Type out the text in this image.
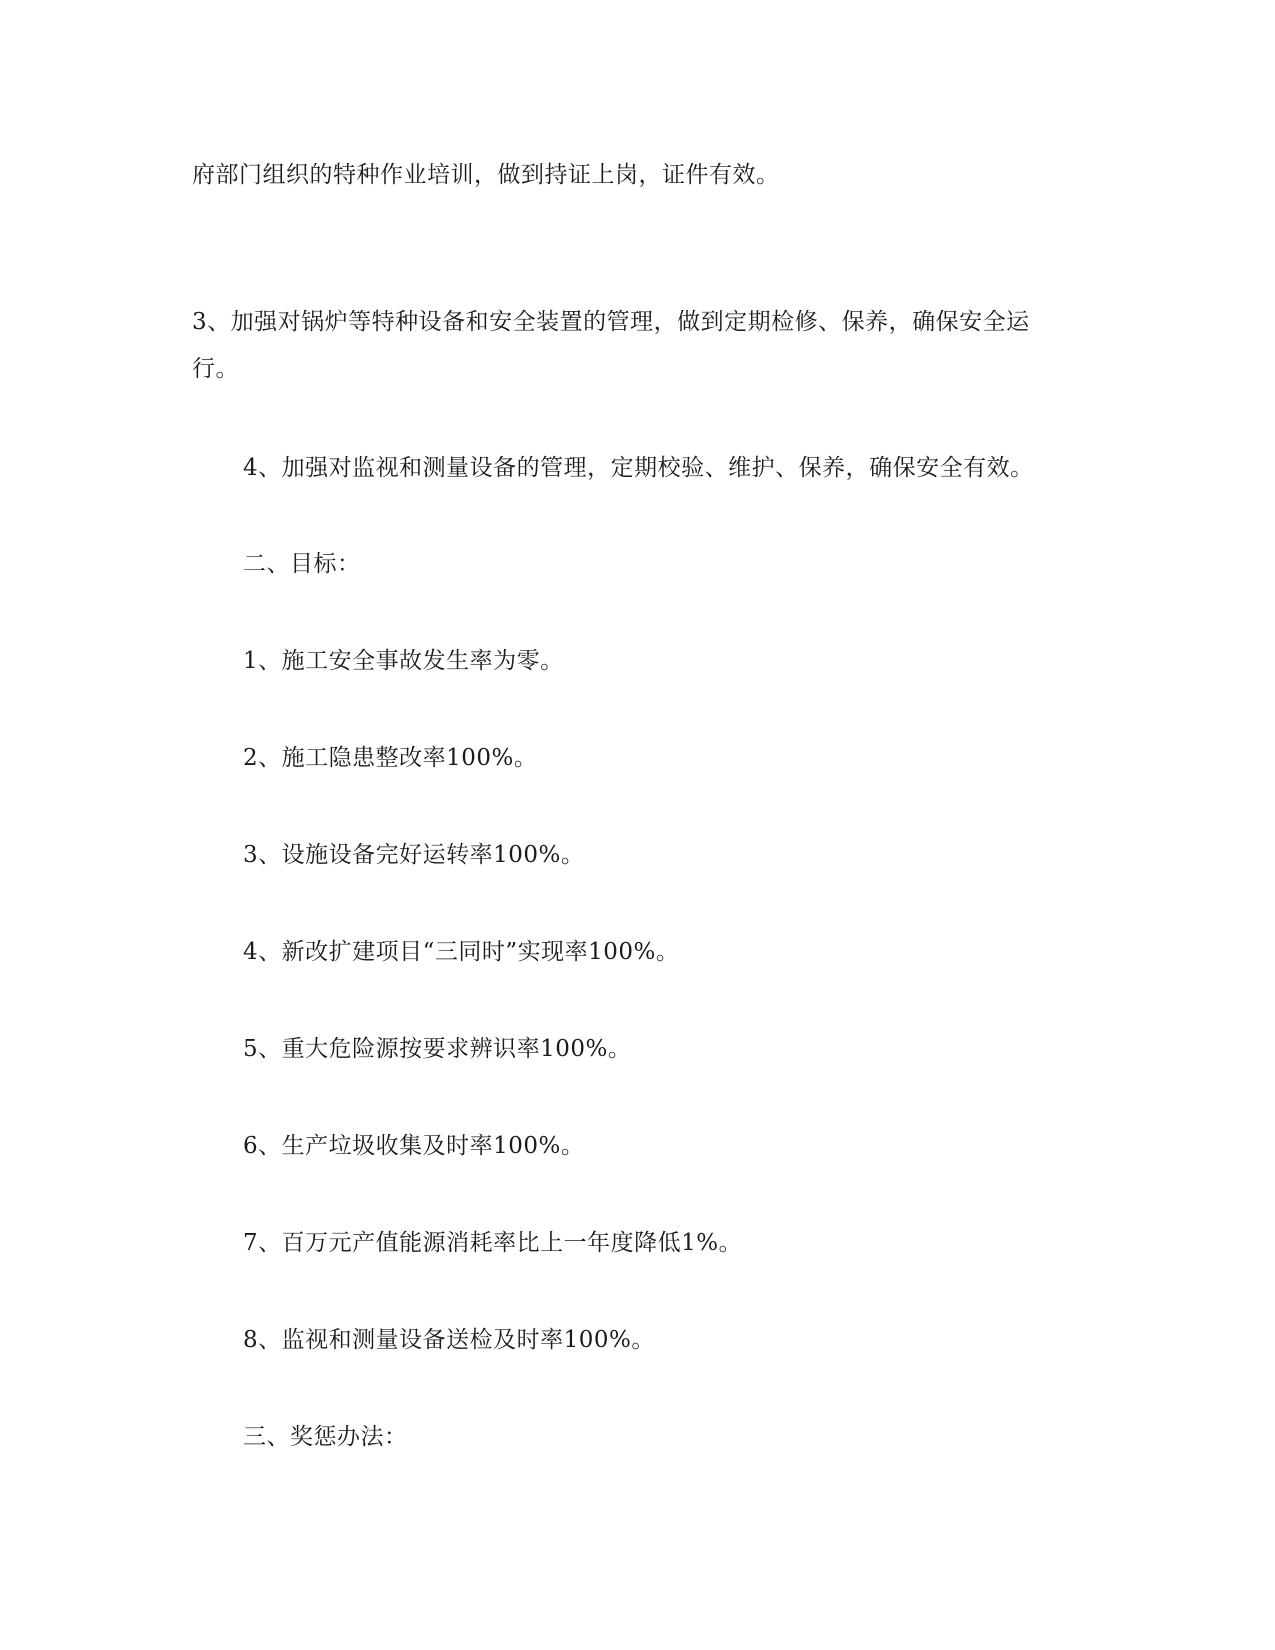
府部门组织的特种作业培训，做到持证上岗，证件有效。
3、加强对锅炉等特种设备和安全装置的管理，做到定期检修、保养，确保安全运
行。
4、加强对监视和测量设备的管理，定期校验、维护、保养，确保安全有效。
二、目标：
1、施工安全事故发生率为零。
2、施工隐患整改率100%。
3、设施设备完好运转率100%。
4、新改扩建项目“三同时”实现率100%。
5、重大危险源按要求辨识率100%。
6、生产垃圾收集及时率100%。
7、百万元产值能源消耗率比上一年度降低1%。
8、监视和测量设备送检及时率100%。
三、奖惩办法：
